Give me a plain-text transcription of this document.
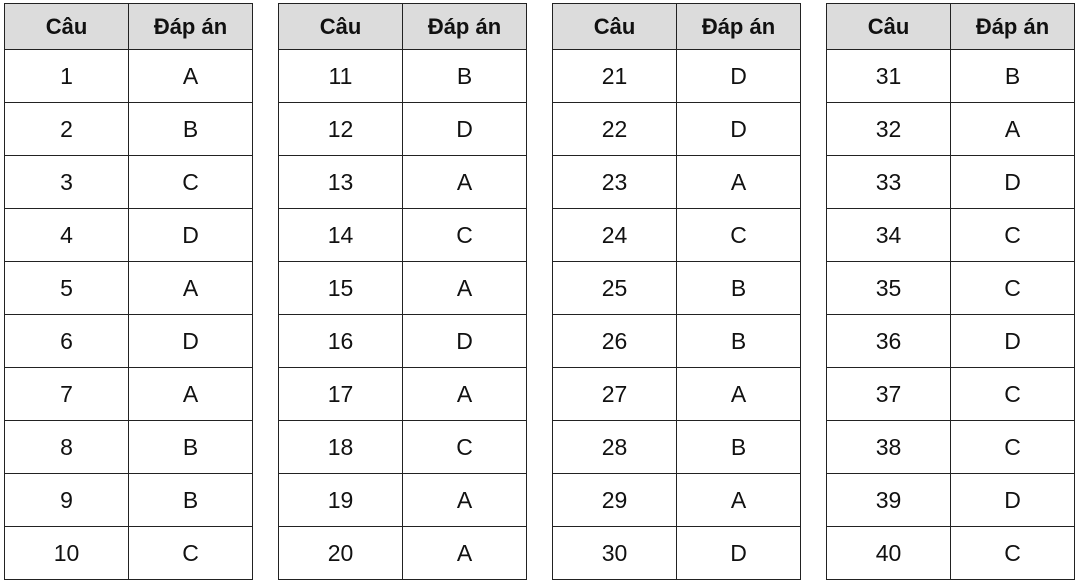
Câu	Đáp án
1	A
2	B
3	C
4	D
5	A
6	D
7	A
8	B
9	B
10	C
Câu	Đáp án
11	B
12	D
13	A
14	C
15	A
16	D
17	A
18	C
19	A
20	A
Câu	Đáp án
21	D
22	D
23	A
24	C
25	B
26	B
27	A
28	B
29	A
30	D
Câu	Đáp án
31	B
32	A
33	D
34	C
35	C
36	D
37	C
38	C
39	D
40	C
